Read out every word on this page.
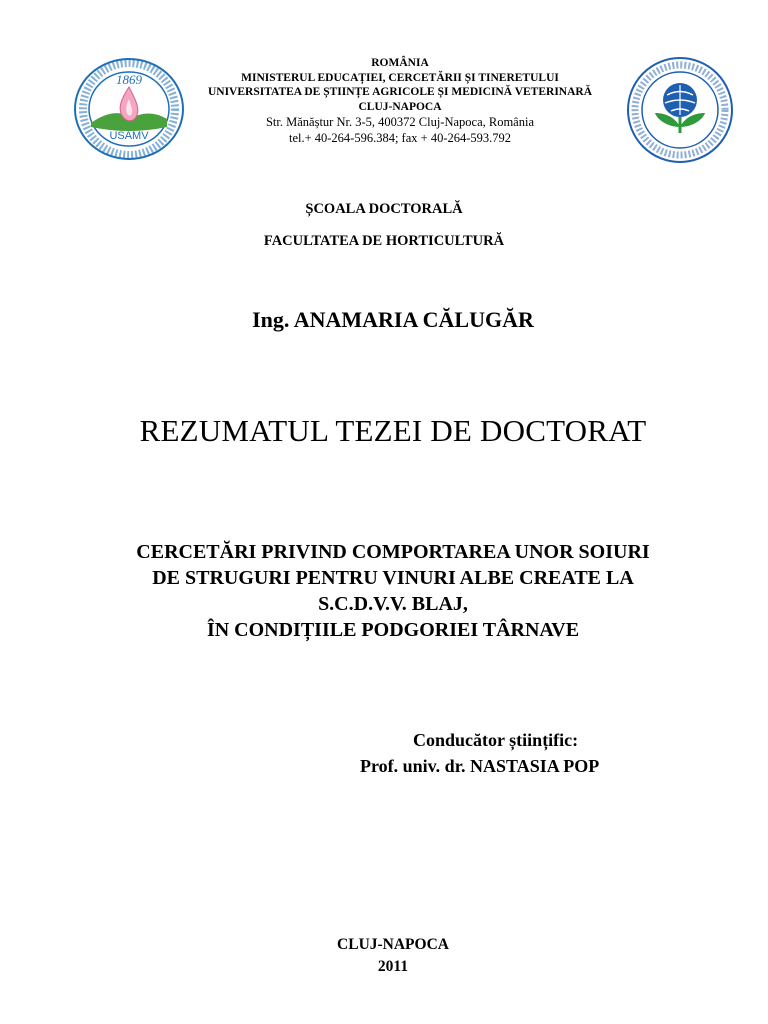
1869
USAMV
ROMÂNIA
MINISTERUL EDUCAȚIEI, CERCETĂRII ȘI TINERETULUI
UNIVERSITATEA DE ȘTIINȚE AGRICOLE ȘI MEDICINĂ VETERINARĂ
CLUJ-NAPOCA
Str. Mănăștur Nr. 3-5, 400372 Cluj-Napoca, România
tel.+ 40-264-596.384; fax + 40-264-593.792
ȘCOALA DOCTORALĂ
FACULTATEA DE HORTICULTURĂ
Ing. ANAMARIA CĂLUGĂR
REZUMATUL TEZEI DE DOCTORAT
CERCETĂRI PRIVIND COMPORTAREA UNOR SOIURI
DE STRUGURI PENTRU VINURI ALBE CREATE LA
S.C.D.V.V. BLAJ,
ÎN CONDIȚIILE PODGORIEI TÂRNAVE
Conducător științific:
Prof. univ. dr. NASTASIA POP
CLUJ-NAPOCA
2011
